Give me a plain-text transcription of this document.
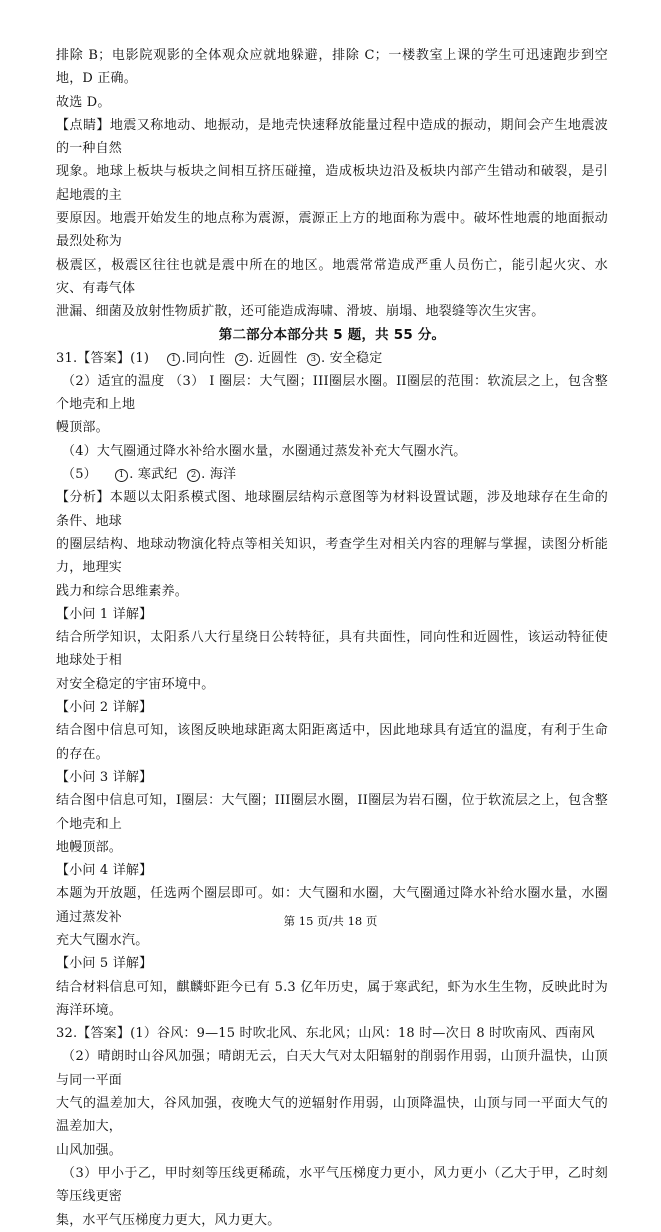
排除 B；电影院观影的全体观众应就地躲避，排除 C；一楼教室上课的学生可迅速跑步到空地，D 正确。

故选 D。

【点睛】地震又称地动、地振动，是地壳快速释放能量过程中造成的振动，期间会产生地震波的一种自然

现象。地球上板块与板块之间相互挤压碰撞，造成板块边沿及板块内部产生错动和破裂，是引起地震的主

要原因。地震开始发生的地点称为震源，震源正上方的地面称为震中。破坏性地震的地面振动最烈处称为

极震区，极震区往往也就是震中所在的地区。地震常常造成严重人员伤亡，能引起火灾、水灾、有毒气体

泄漏、细菌及放射性物质扩散，还可能造成海啸、滑坡、崩塌、地裂缝等次生灾害。

第二部分本部分共 5 题，共 55 分。

31.【答案】(1)	1 .同向性 2 . 近圆性 3 . 安全稳定

（2）适宜的温度 （3） I 圈层：大气圈；III圈层水圈。II圈层的范围：软流层之上，包含整个地壳和上地

幔顶部。

（4）大气圈通过降水补给水圈水量，水圈通过蒸发补充大气圈水汽。

（5）	1 . 寒武纪 2 . 海洋

【分析】本题以太阳系模式图、地球圈层结构示意图等为材料设置试题，涉及地球存在生命的条件、地球

的圈层结构、地球动物演化特点等相关知识，考查学生对相关内容的理解与掌握，读图分析能力，地理实

践力和综合思维素养。

【小问 1 详解】

结合所学知识，太阳系八大行星绕日公转特征，具有共面性，同向性和近圆性，该运动特征使地球处于相

对安全稳定的宇宙环境中。

【小问 2 详解】

结合图中信息可知，该图反映地球距离太阳距离适中，因此地球具有适宜的温度，有利于生命的存在。

【小问 3 详解】

结合图中信息可知，I圈层：大气圈；III圈层水圈，II圈层为岩石圈，位于软流层之上，包含整个地壳和上

地幔顶部。

【小问 4 详解】

本题为开放题，任选两个圈层即可。如：大气圈和水圈，大气圈通过降水补给水圈水量，水圈通过蒸发补

充大气圈水汽。

【小问 5 详解】

结合材料信息可知，麒麟虾距今已有 5.3 亿年历史，属于寒武纪，虾为水生生物，反映此时为海洋环境。

32.【答案】(1）谷风：9—15 时吹北风、东北风；山风：18 时—次日 8 时吹南风、西南风

（2）晴朗时山谷风加强；晴朗无云，白天大气对太阳辐射的削弱作用弱，山顶升温快，山顶与同一平面

大气的温差加大，谷风加强，夜晚大气的逆辐射作用弱，山顶降温快，山顶与同一平面大气的温差加大，

山风加强。

（3）甲小于乙，甲时刻等压线更稀疏，水平气压梯度力更小，风力更小（乙大于甲，乙时刻等压线更密

集，水平气压梯度力更大，风力更大。

第 15 页/共 18 页
